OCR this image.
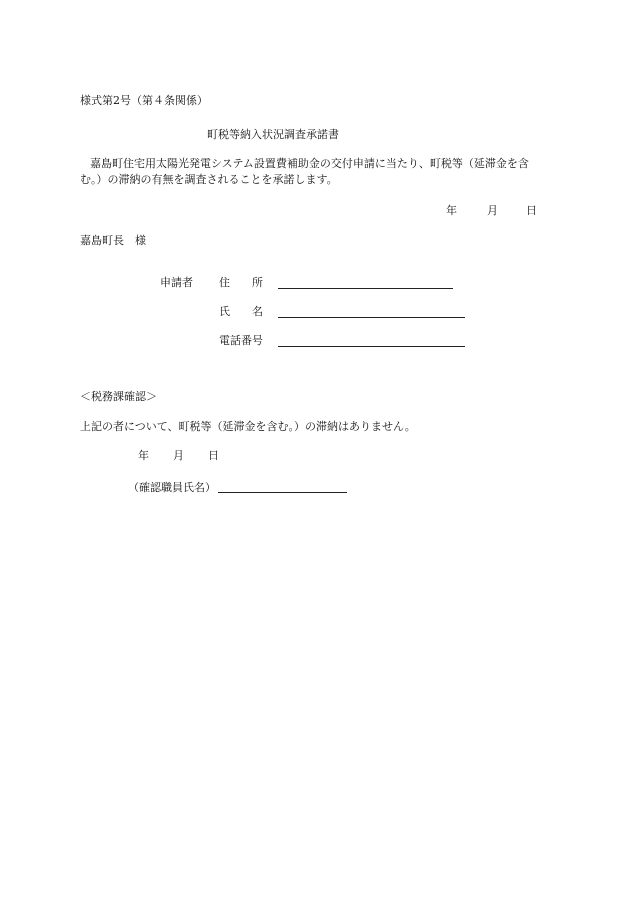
様式第2号（第４条関係）
町税等納入状況調査承諾書
嘉島町住宅用太陽光発電システム設置費補助金の交付申請に当たり、町税等（延滞金を含
む。）の滞納の有無を調査されることを承諾します。
年	月	日
嘉島町長　様
申請者 住　　所
氏　　名
電話番号
＜税務課確認＞
上記の者について、町税等（延滞金を含む。）の滞納はありません。
年 月 日
（確認職員氏名）
